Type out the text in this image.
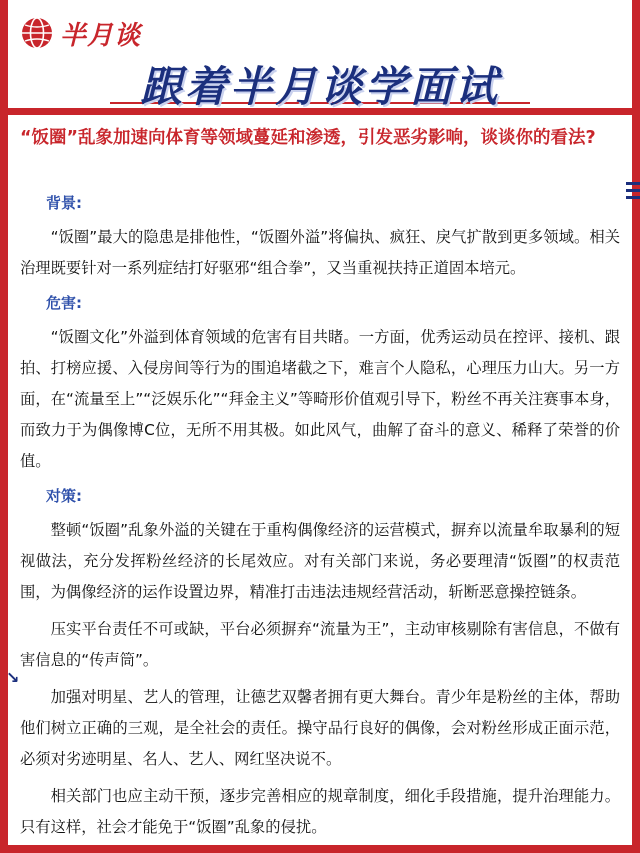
半月谈
跟着半月谈学面试
“饭圈”乱象加速向体育等领域蔓延和渗透，引发恶劣影响，谈谈你的看法?
↘
背景:

“饭圈”最大的隐患是排他性，“饭圈外溢”将偏执、疯狂、戾气扩散到更多领域。相关治理既要针对一系列症结打好驱邪“组合拳”，又当重视扶持正道固本培元。

危害:

“饭圈文化”外溢到体育领域的危害有目共睹。一方面，优秀运动员在控评、接机、跟拍、打榜应援、入侵房间等行为的围追堵截之下，难言个人隐私，心理压力山大。另一方面，在“流量至上”“泛娱乐化”“拜金主义”等畸形价值观引导下，粉丝不再关注赛事本身，而致力于为偶像博C位，无所不用其极。如此风气，曲解了奋斗的意义、稀释了荣誉的价值。

对策:

整顿“饭圈”乱象外溢的关键在于重构偶像经济的运营模式，摒弃以流量牟取暴利的短视做法，充分发挥粉丝经济的长尾效应。对有关部门来说，务必要理清“饭圈”的权责范围，为偶像经济的运作设置边界，精准打击违法违规经营活动，斩断恶意操控链条。

压实平台责任不可或缺，平台必须摒弃“流量为王”，主动审核剔除有害信息，不做有害信息的“传声筒”。

加强对明星、艺人的管理，让德艺双馨者拥有更大舞台。青少年是粉丝的主体，帮助他们树立正确的三观，是全社会的责任。操守品行良好的偶像，会对粉丝形成正面示范，必须对劣迹明星、名人、艺人、网红坚决说不。

相关部门也应主动干预，逐步完善相应的规章制度，细化手段措施，提升治理能力。只有这样，社会才能免于“饭圈”乱象的侵扰。
